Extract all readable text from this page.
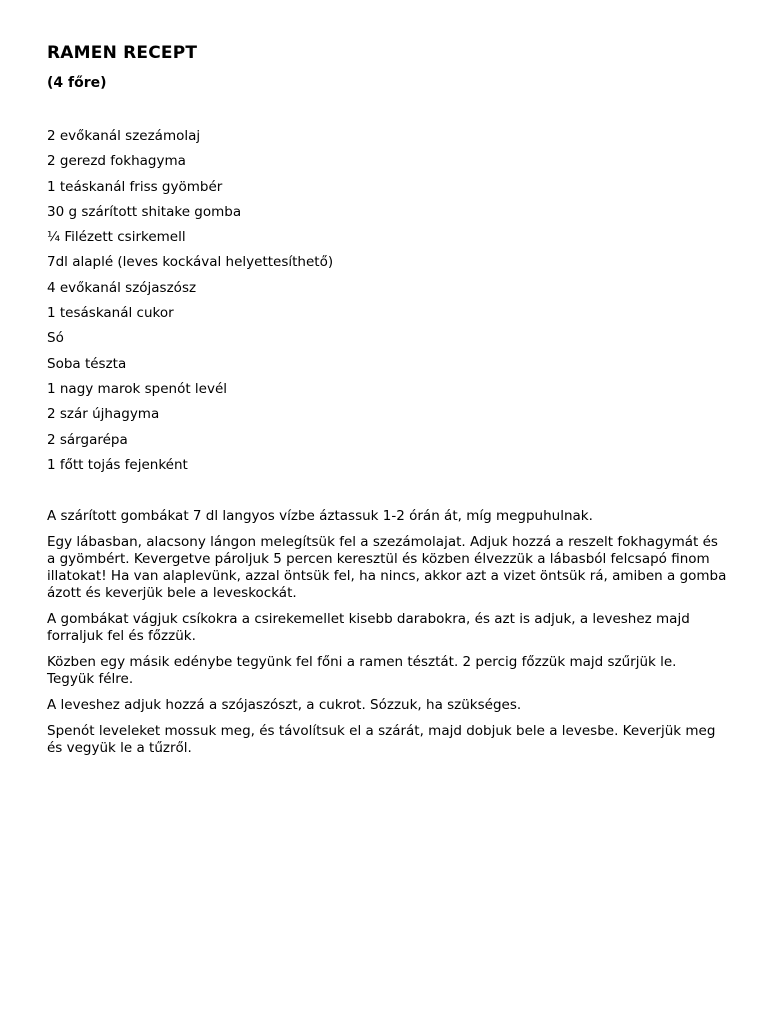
RAMEN RECEPT
(4 főre)
2 evőkanál szezámolaj
2 gerezd fokhagyma
1 teáskanál friss gyömbér
30 g szárított shitake gomba
¼ Filézett csirkemell
7dl alaplé (leves kockával helyettesíthető)
4 evőkanál szójaszósz
1 tesáskanál cukor
Só
Soba tészta
1 nagy marok spenót levél
2 szár újhagyma
2 sárgarépa
1 főtt tojás fejenként

A szárított gombákat 7 dl langyos vízbe áztassuk 1-2 órán át, míg megpuhulnak.

Egy lábasban, alacsony lángon melegítsük fel a szezámolajat. Adjuk hozzá a reszelt fokhagymát és a gyömbért. Kevergetve pároljuk 5 percen keresztül és közben élvezzük a lábasból felcsapó finom illatokat! Ha van alaplevünk, azzal öntsük fel, ha nincs, akkor azt a vizet öntsük rá, amiben a gomba ázott és keverjük bele a leveskockát.

A gombákat vágjuk csíkokra a csirekemellet kisebb darabokra, és azt is adjuk, a leveshez majd forraljuk fel és főzzük.

Közben egy másik edénybe tegyünk fel főni a ramen tésztát. 2 percig főzzük majd szűrjük le. Tegyük félre.

A leveshez adjuk hozzá a szójaszószt, a cukrot. Sózzuk, ha szükséges.

Spenót leveleket mossuk meg, és távolítsuk el a szárát, majd dobjuk bele a levesbe. Keverjük meg és vegyük le a tűzről.
